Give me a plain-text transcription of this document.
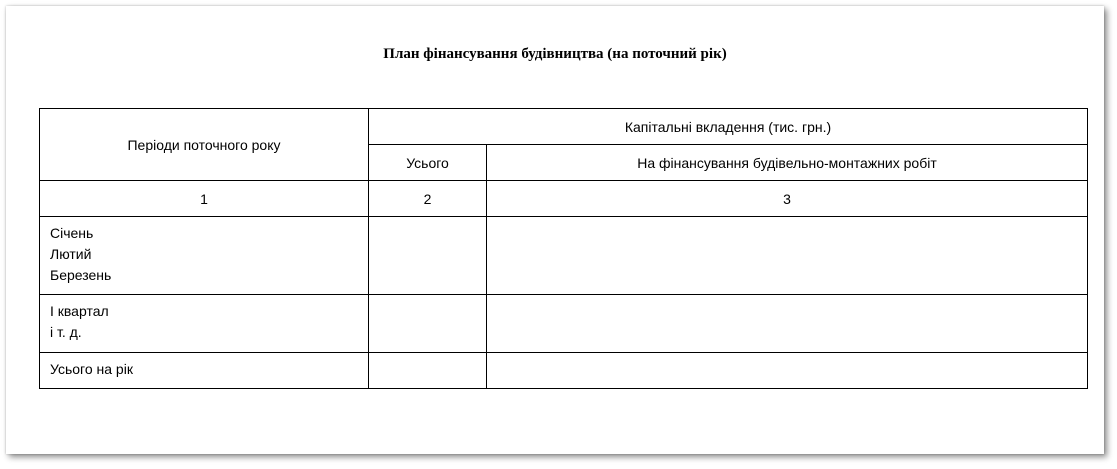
План фінансування будівництва (на поточний рік)
Періоди поточного року	Капітальні вкладення (тис. грн.)	
	Усього	На фінансування будівельно-монтажних робіт
1	2	3

Січень
Лютий
Березень		

І квартал
і т. д.		

Усього на рік		
